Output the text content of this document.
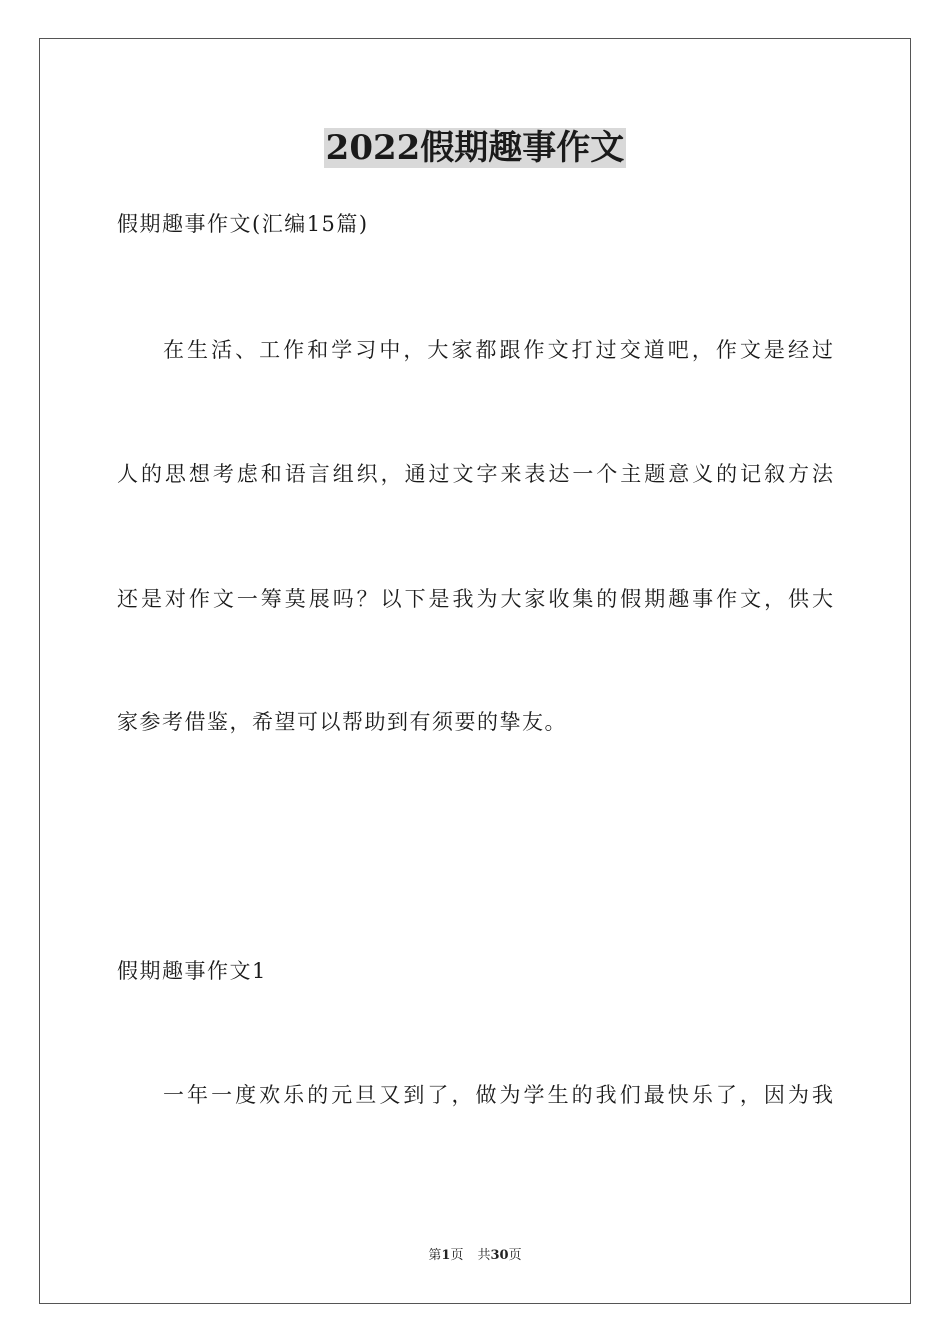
2022假期趣事作文
假期趣事作文(汇编15篇)
在生活、工作和学习中，大家都跟作文打过交道吧，作文是经过
人的思想考虑和语言组织，通过文字来表达一个主题意义的记叙方法
还是对作文一筹莫展吗？以下是我为大家收集的假期趣事作文，供大
家参考借鉴，希望可以帮助到有须要的挚友。
假期趣事作文1
一年一度欢乐的元旦又到了，做为学生的我们最快乐了，因为我
第1页 共30页
